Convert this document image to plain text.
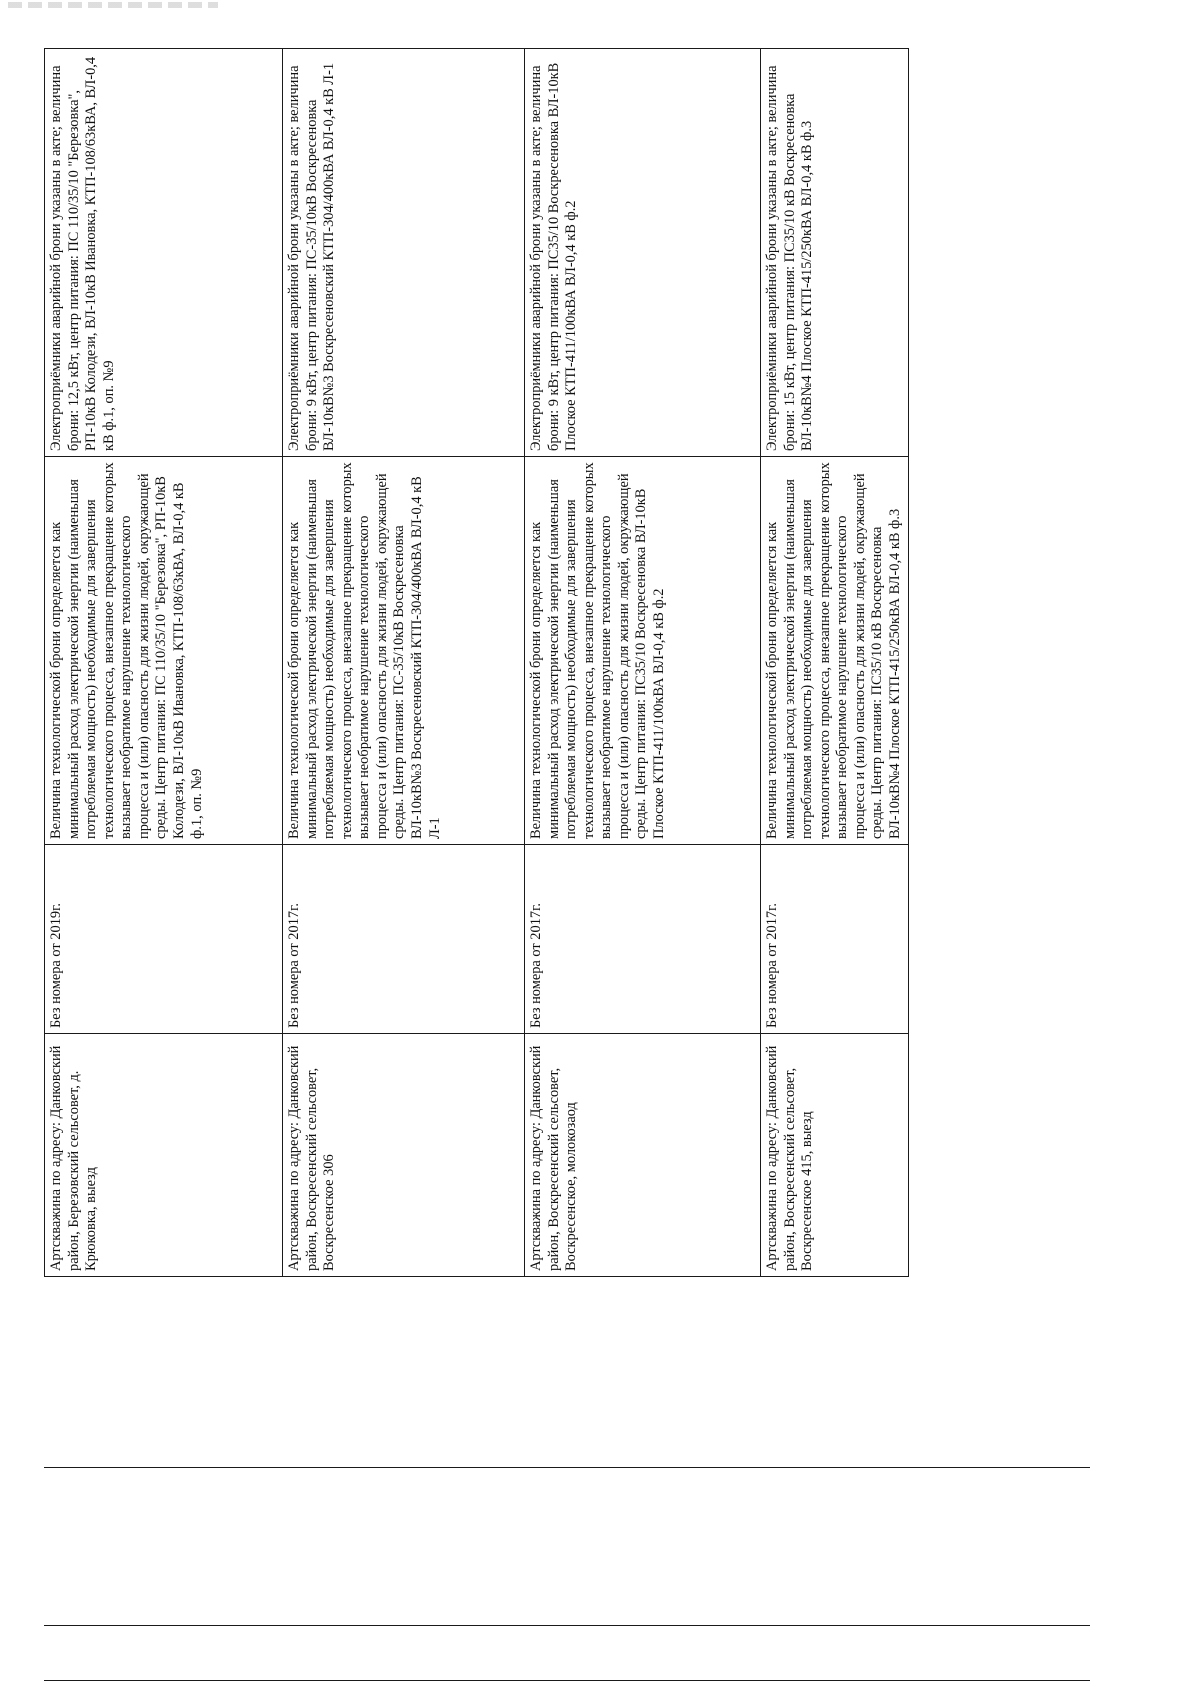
Артскважина по адресу: Данковский район, Березовский сельсовет, д. Крюковка, выезд	Без номера от 2019г.	Величина технологической брони определяется как минимальный расход электрической энергии (наименьшая потребляемая мощность) необходимые для завершения технологического процесса, внезапное прекращение которых вызывает необратимое нарушение технологического процесса и (или) опасность для жизни людей, окружающей среды. Центр питания: ПС 110/35/10 "Березовка", РП-10кВ Колодези, ВЛ-10кВ Ивановка, КТП-108/63кВА, ВЛ-0,4 кВ ф.1, оп. №9	Электроприёмники аварийной брони указаны в акте; величина брони: 12,5 кВт, центр питания: ПС 110/35/10 "Березовка", РП-10кВ Колодези, ВЛ-10кВ Ивановка, КТП-108/63кВА, ВЛ-0,4 кВ ф.1, оп. №9
Артскважина по адресу: Данковский район, Воскресенский сельсовет, Воскресенское 306	Без номера от 2017г.	Величина технологической брони определяется как минимальный расход электрической энергии (наименьшая потребляемая мощность) необходимые для завершения технологического процесса, внезапное прекращение которых вызывает необратимое нарушение технологического процесса и (или) опасность для жизни людей, окружающей среды. Центр питания: ПС-35/10кВ Воскресеновка ВЛ-10кВ№3 Воскресеновский КТП-304/400кВА ВЛ-0,4 кВ Л-1	Электроприёмники аварийной брони указаны в акте; величина брони: 9 кВт, центр питания: ПС-35/10кВ Воскресеновка ВЛ-10кВ№3 Воскресеновский КТП-304/400кВА ВЛ-0,4 кВ Л-1
Артскважина по адресу: Данковский район, Воскресенский сельсовет, Воскресенское, молокозаод	Без номера от 2017г.	Величина технологической брони определяется как минимальный расход электрической энергии (наименьшая потребляемая мощность) необходимые для завершения технологического процесса, внезапное прекращение которых вызывает необратимое нарушение технологического процесса и (или) опасность для жизни людей, окружающей среды. Центр питания: ПС35/10 Воскресеновка ВЛ-10кВ Плоское КТП-411/100кВА ВЛ-0,4 кВ ф.2	Электроприёмники аварийной брони указаны в акте; величина брони: 9 кВт, центр питания: ПС35/10 Воскресеновка ВЛ-10кВ Плоское КТП-411/100кВА ВЛ-0,4 кВ ф.2
Артскважина по адресу: Данковский район, Воскресенский сельсовет, Воскресенское 415, выезд	Без номера от 2017г.	Величина технологической брони определяется как минимальный расход электрической энергии (наименьшая потребляемая мощность) необходимые для завершения технологического процесса, внезапное прекращение которых вызывает необратимое нарушение технологического процесса и (или) опасность для жизни людей, окружающей среды. Центр питания: ПС35/10 кВ Воскресеновка ВЛ-10кВ№4 Плоское КТП-415/250кВА ВЛ-0,4 кВ ф.3	Электроприёмники аварийной брони указаны в акте; величина брони: 15 кВт, центр питания: ПС35/10 кВ Воскресеновка ВЛ-10кВ№4 Плоское КТП-415/250кВА ВЛ-0,4 кВ ф.3
